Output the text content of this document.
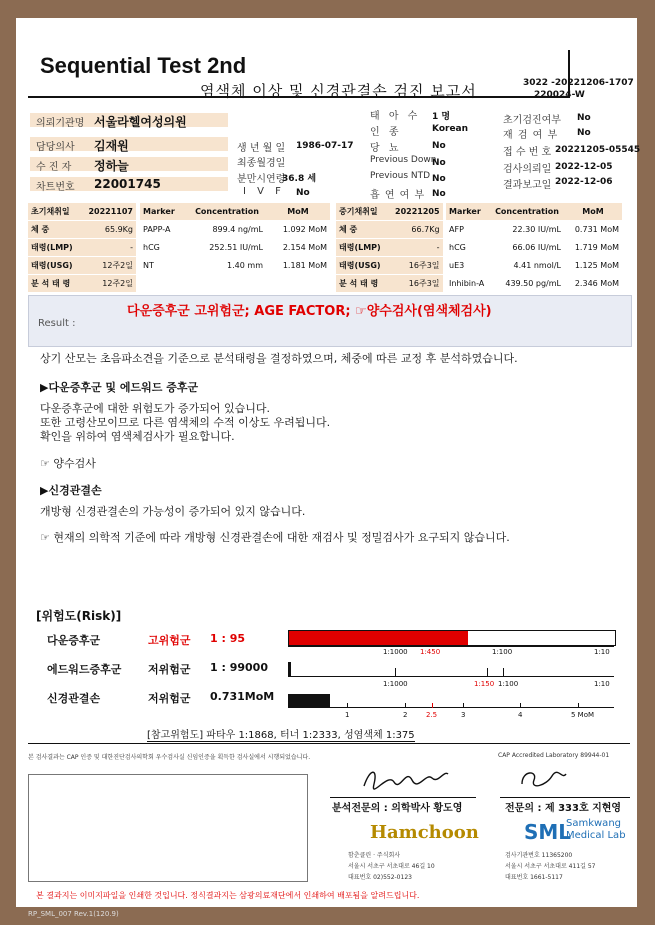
SML
Sequential Test 2nd
염색체 이상 및 신경관결손 검진 보고서	3022 -20221206-1707
220024-W
의뢰기관명 서울라헬여성의원
담당의사 김재원
수 진 자 정하늘
차트번호 22001745
생 년 월 일 1986-07-17
최종월경일
분만시연령
36.8 세
I V F No
태 아 수 1 명
인 종	Korean
당 뇨	No
Previous Down
No
Previous NTD No
흡 연 여 부 No
초기검진여부 No
재 검 여 부 No
접 수 번 호 20221205-05545
검사의뢰일 2022-12-05
결과보고일 2022-12-06
초기채취일	20221107
체 중	65.9Kg
태령(LMP)	-
태령(USG)	12주2일
분 석 태 령	12주2일
Marker	Concentration	MoM
PAPP-A	899.4 ng/mL	1.092 MoM
hCG	252.51 IU/mL	2.154 MoM
NT	1.40 mm	1.181 MoM

중기채취일	20221205
체 중	66.7Kg
태령(LMP)	-
태령(USG)	16주3일
분 석 태 령	16주3일
Marker	Concentration	MoM
AFP	22.30 IU/mL	0.731 MoM
hCG	66.06 IU/mL	1.719 MoM
uE3	4.41 nmol/L	1.125 MoM
Inhibin-A	439.50 pg/mL	2.346 MoM
Result :
다운증후군 고위험군; AGE FACTOR; ☞양수검사(염색체검사)
상기 산모는 초음파소견을 기준으로 분석태령을 결정하였으며, 체중에 따른 교정 후 분석하였습니다.
▶다운증후군 및 에드워드 증후군
다운증후군에 대한 위험도가 증가되어 있습니다.
또한 고령산모이므로 다른 염색체의 수적 이상도 우려됩니다.
확인을 위하여 염색체검사가 필요합니다.
☞ 양수검사
▶신경관결손
개방형 신경관결손의 가능성이 증가되어 있지 않습니다.
☞ 현재의 의학적 기준에 따라 개방형 신경관결손에 대한 재검사 및 정밀검사가 요구되지 않습니다.
[위험도(Risk)]
다운증후군	고위험군 1 : 95
에드워드증후군 저위험군 1 : 99000
신경관결손	저위험군 0.731MoM
1:1000 1:450	1:100	1:10
1:1000	1:150 1:100	1:10
1	2	2.5	3	4	5 MoM
[참고위험도] 파타우 1:1868, 터너 1:2333, 성염색체 1:375
본 검사결과는 CAP 인증 및 대한진단검사의학회 우수검사실 신임인증을 획득한 검사실에서 시행되었습니다.	CAP Accredited Laboratory 89944-01
분석전문의 : 의학박사 황도영	전문의 : 제 333호 지현영
Hamchoon SML
Samkwang
Medical Lab
함춘클린 · 주식회사
서울시 서초구 서초대로 46길 10
대표번호 02)552-0123
검사기관번호 11365200
서울시 서초구 서초대로 411길 57
대표번호 1661-5117
본 결과지는 이미지파일을 인쇄한 것입니다. 정식결과지는 삼광의료재단에서 인쇄하여 배포됨을 알려드립니다.
RP_SML_007 Rev.1(120.9)
